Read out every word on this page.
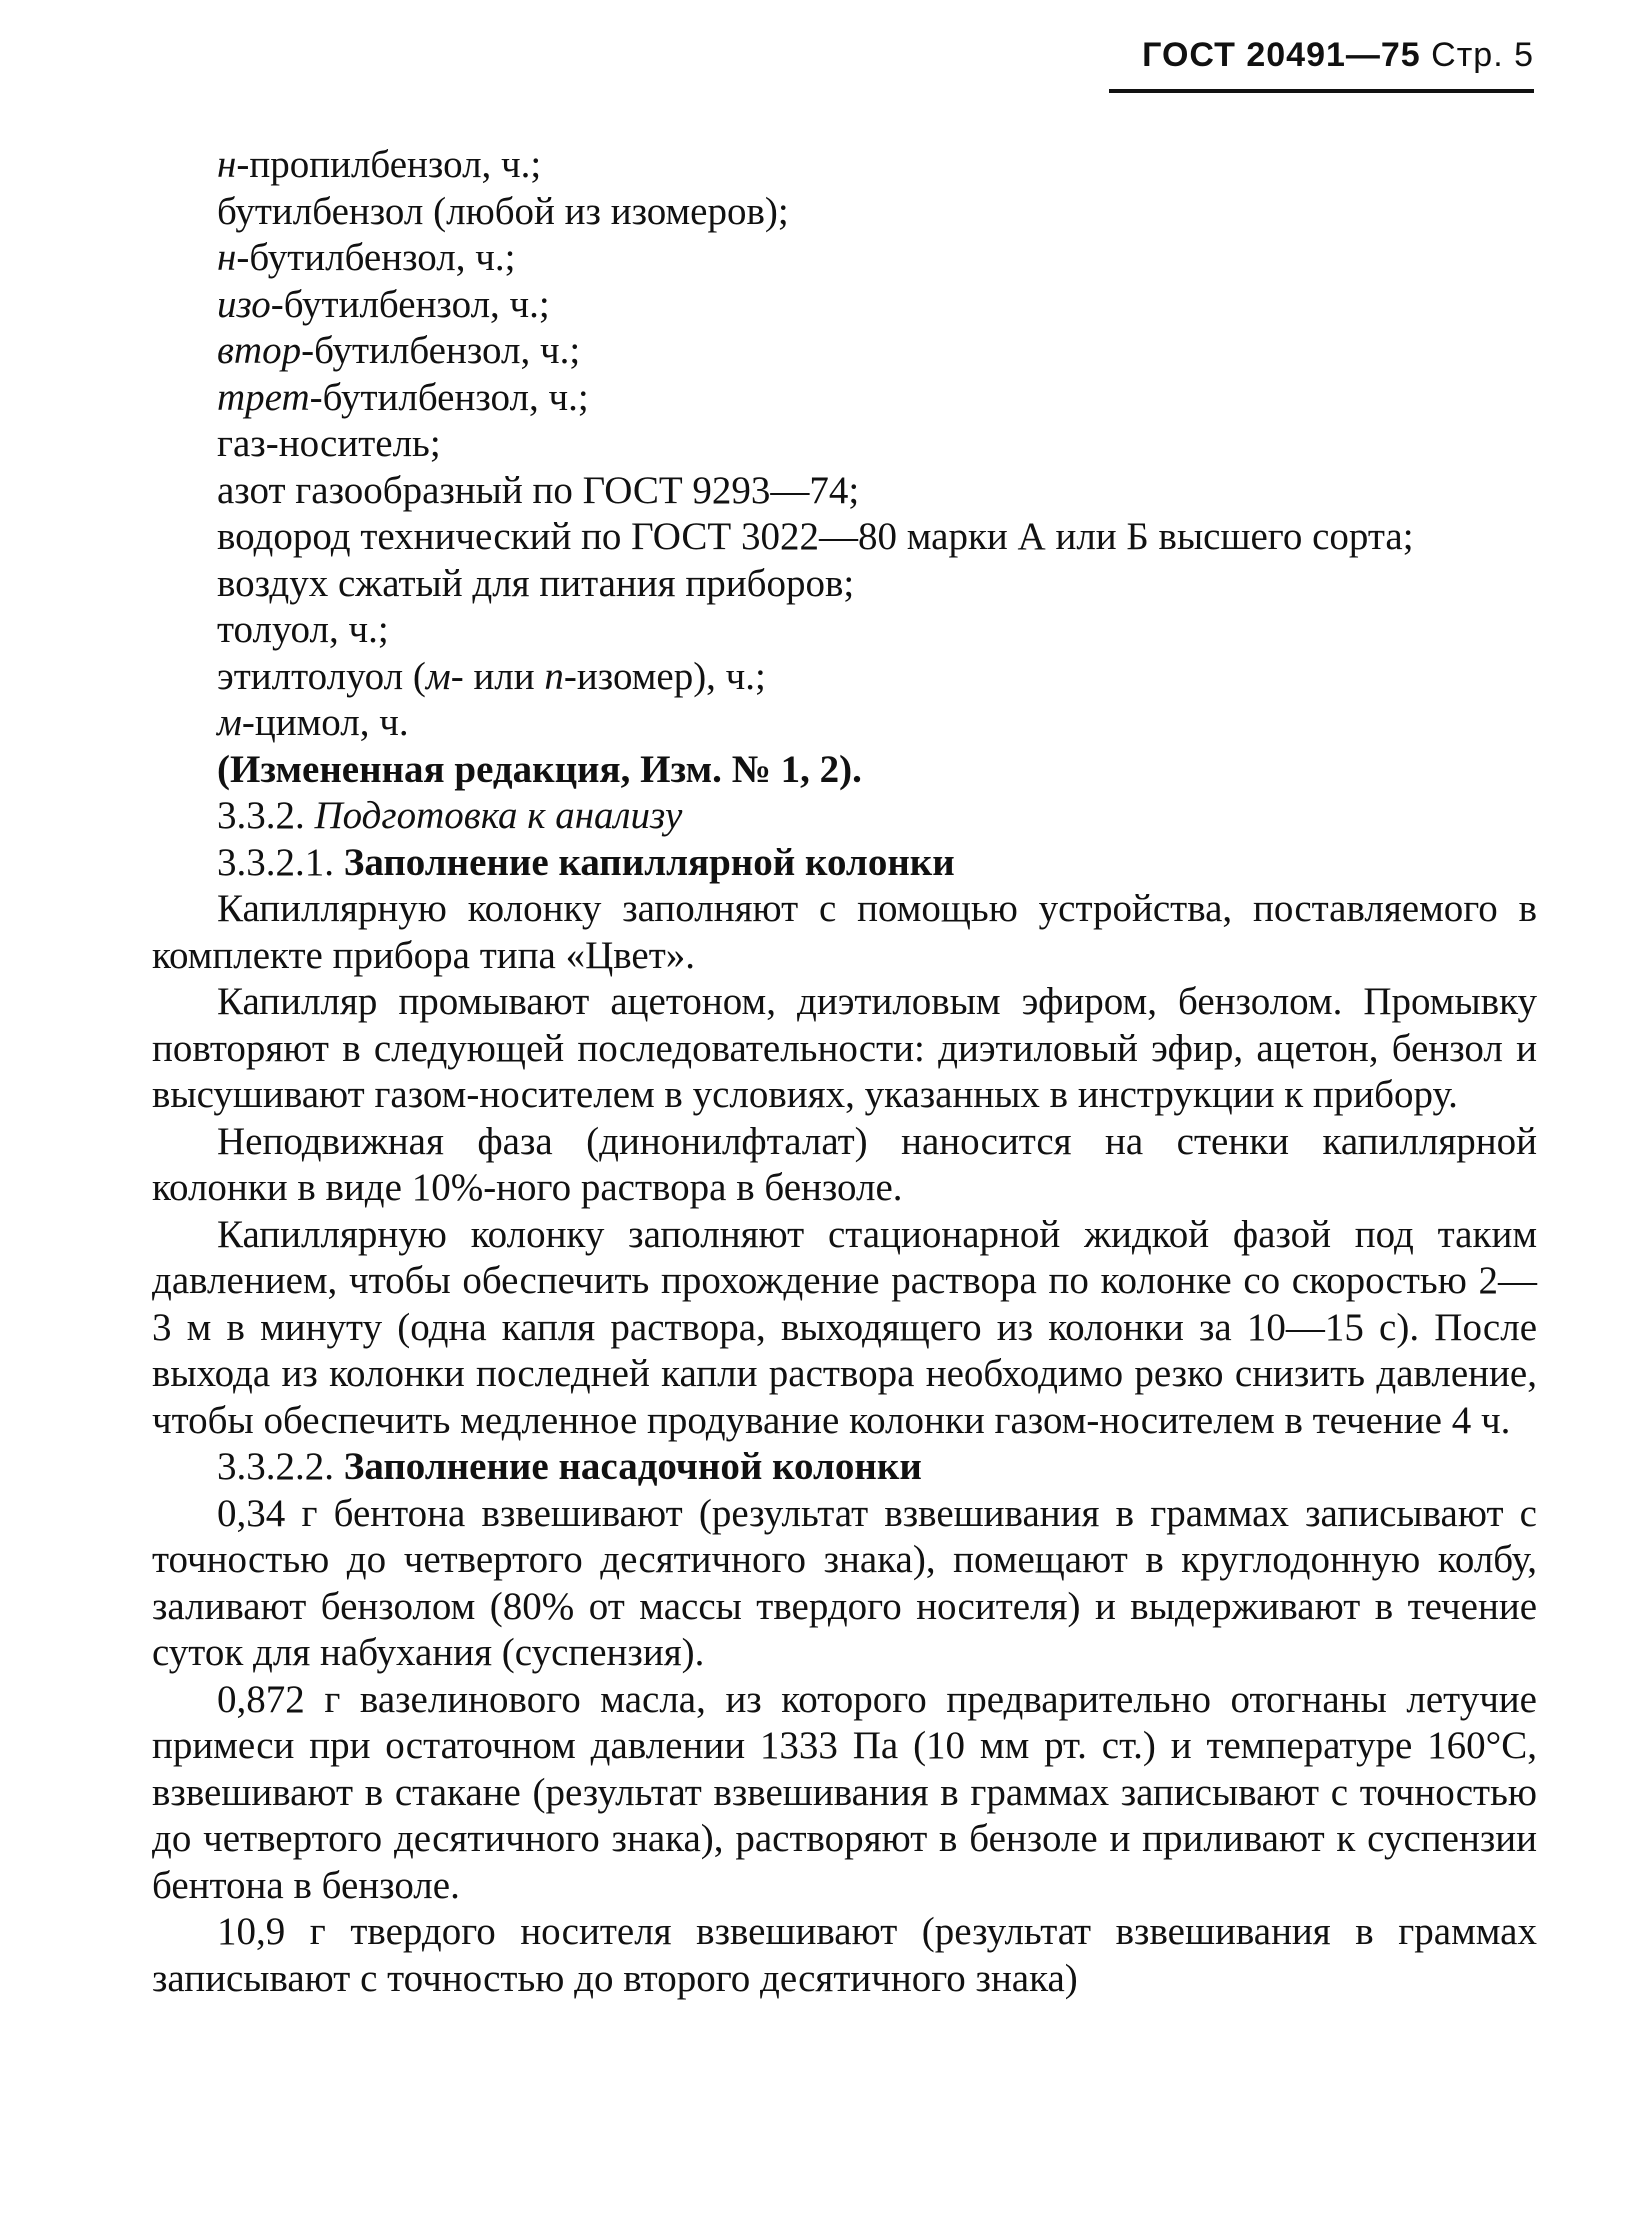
ГОСТ 20491—75 Стр. 5
н-пропилбензол, ч.;
бутилбензол (любой из изомеров);
н-бутилбензол, ч.;
изо-бутилбензол, ч.;
втор-бутилбензол, ч.;
трет-бутилбензол, ч.;
газ-носитель;
азот газообразный по ГОСТ 9293—74;
водород технический по ГОСТ 3022—80 марки А или Б высшего сорта;
воздух сжатый для питания приборов;
толуол, ч.;
этилтолуол (м- или п-изомер), ч.;
м-цимол, ч.
(Измененная редакция, Изм. № 1, 2).
3.3.2. Подготовка к анализу
3.3.2.1. Заполнение капиллярной колонки
Капиллярную колонку заполняют с помощью устройства, поставляемого в комплекте прибора типа «Цвет».
Капилляр промывают ацетоном, диэтиловым эфиром, бензолом. Промывку повторяют в следующей последовательности: диэтиловый эфир, ацетон, бензол и высушивают газом-носителем в условиях, указанных в инструкции к прибору.
Неподвижная фаза (динонилфталат) наносится на стенки капиллярной колонки в виде 10%-ного раствора в бензоле.
Капиллярную колонку заполняют стационарной жидкой фазой под таким давлением, чтобы обеспечить прохождение раствора по колонке со скоростью 2—3 м в минуту (одна капля раствора, выходящего из колонки за 10—15 с). После выхода из колонки последней капли раствора необходимо резко снизить давление, чтобы обеспечить медленное продувание колонки газом-носителем в течение 4 ч.
3.3.2.2. Заполнение насадочной колонки
0,34 г бентона взвешивают (результат взвешивания в граммах записывают с точностью до четвертого десятичного знака), помещают в круглодонную колбу, заливают бензолом (80% от массы твердого носителя) и выдерживают в течение суток для набухания (суспензия).
0,872 г вазелинового масла, из которого предварительно отогнаны летучие примеси при остаточном давлении 1333 Па (10 мм рт. ст.) и температуре 160°С, взвешивают в стакане (результат взвешивания в граммах записывают с точностью до четвертого десятичного знака), растворяют в бензоле и приливают к суспензии бентона в бензоле.
10,9 г твердого носителя взвешивают (результат взвешивания в граммах записывают с точностью до второго десятичного знака)
